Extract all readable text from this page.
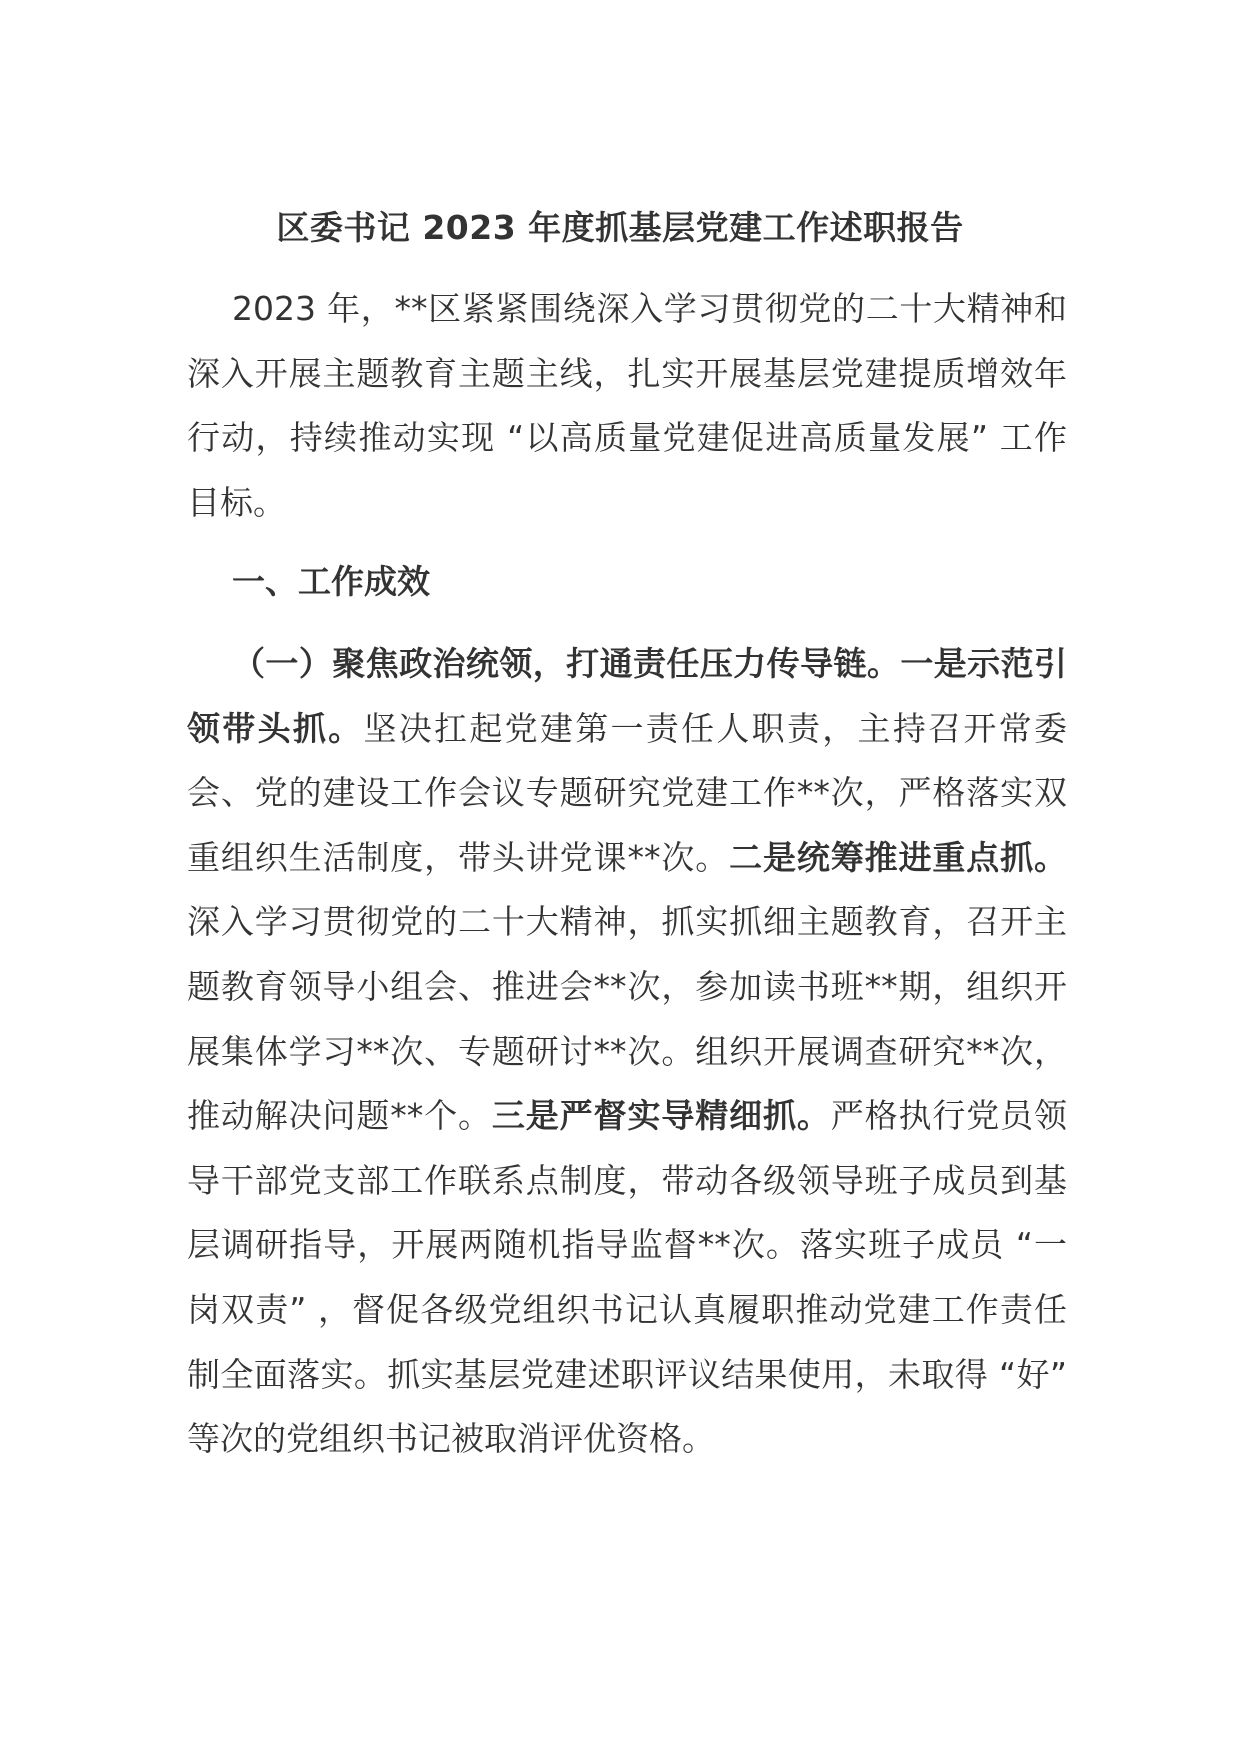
区委书记 2023 年度抓基层党建工作述职报告
2023 年，**区紧紧围绕深入学习贯彻党的二十大精神和深入开展主题教育主题主线，扎实开展基层党建提质增效年行动，持续推动实现 “以高质量党建促进高质量发展” 工作目标。
一、工作成效
（一）聚焦政治统领，打通责任压力传导链。一是示范引领带头抓。坚决扛起党建第一责任人职责，主持召开常委会、党的建设工作会议专题研究党建工作**次，严格落实双重组织生活制度，带头讲党课**次。二是统筹推进重点抓。深入学习贯彻党的二十大精神，抓实抓细主题教育，召开主题教育领导小组会、推进会**次，参加读书班**期，组织开展集体学习**次、专题研讨**次。组织开展调查研究**次，推动解决问题**个。三是严督实导精细抓。严格执行党员领导干部党支部工作联系点制度，带动各级领导班子成员到基层调研指导，开展两随机指导监督**次。落实班子成员 “一岗双责” ，督促各级党组织书记认真履职推动党建工作责任制全面落实。抓实基层党建述职评议结果使用，未取得 “好” 等次的党组织书记被取消评优资格。
